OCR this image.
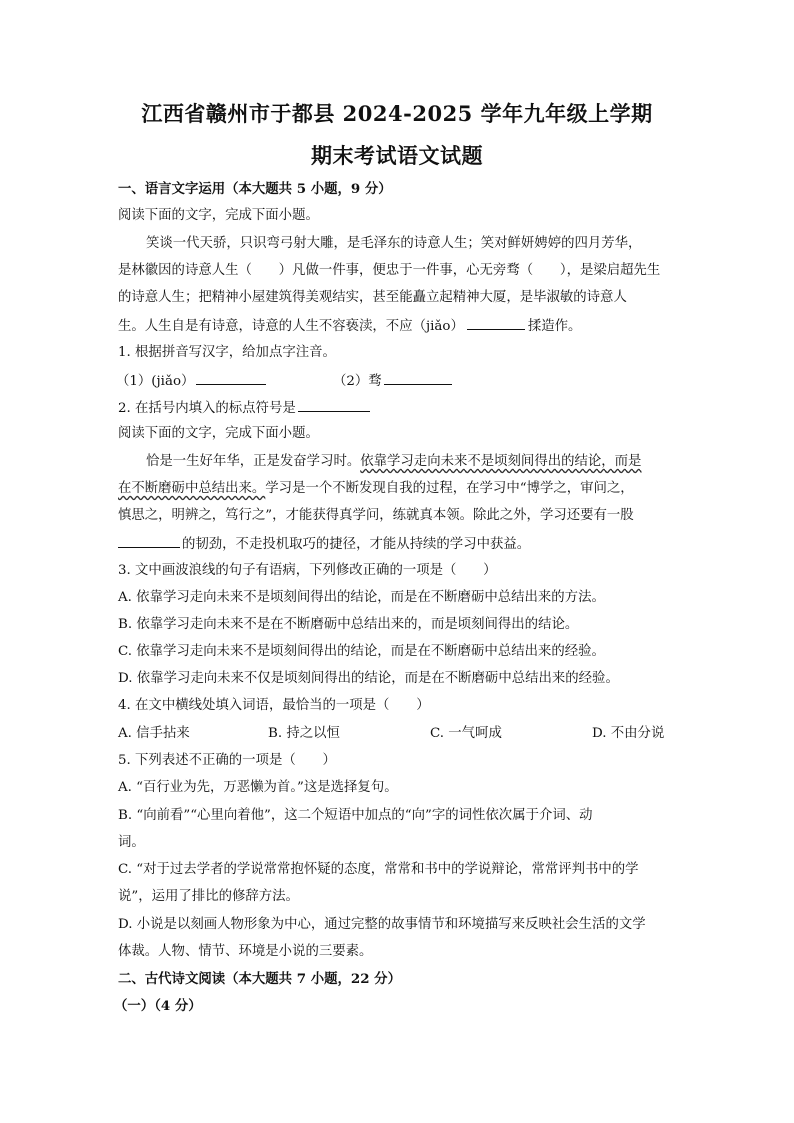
江西省赣州市于都县 2024-2025 学年九年级上学期
期末考试语文试题
一、语言文字运用（本大题共 5 小题，9 分）
阅读下面的文字，完成下面小题。
笑谈一代天骄，只识弯弓射大雕，是毛泽东的诗意人生；笑对鲜妍娉婷的四月芳华，
是林徽因的诗意人生（　　）凡做一件事，便忠于一件事，心无旁骛（　　），是梁启超先生
的诗意人生；把精神小屋建筑得美观结实，甚至能矗立起精神大厦，是毕淑敏的诗意人
生。人生自是有诗意，诗意的人生不容亵渎，不应（jiǎo）	揉造作。
1. 根据拼音写汉字，给加点字注音。
（1）(jiǎo）	（2）骛
2. 在括号内填入的标点符号是
阅读下面的文字，完成下面小题。
恰是一生好年华，正是发奋学习时。依靠学习走向未来不是顷刻间得出的结论，而是
在不断磨砺中总结出来。学习是一个不断发现自我的过程，在学习中“博学之，审问之，
慎思之，明辨之，笃行之”，才能获得真学问，练就真本领。除此之外，学习还要有一股
的韧劲，不走投机取巧的捷径，才能从持续的学习中获益。
3. 文中画波浪线的句子有语病，下列修改正确的一项是（　　）
A. 依靠学习走向未来不是顷刻间得出的结论，而是在不断磨砺中总结出来的方法。
B. 依靠学习走向未来不是在不断磨砺中总结出来的，而是顷刻间得出的结论。
C. 依靠学习走向未来不是顷刻间得出的结论，而是在不断磨砺中总结出来的经验。
D. 依靠学习走向未来不仅是顷刻间得出的结论，而是在不断磨砺中总结出来的经验。
4. 在文中横线处填入词语，最恰当的一项是（　　）
A. 信手拈来	B. 持之以恒	C. 一气呵成	D. 不由分说
5. 下列表述不正确的一项是（　　）
A. “百行业为先，万恶懒为首。”这是选择复句。
B. “向前看”“心里向着他”，这二个短语中加点的“向”字的词性依次属于介词、动
词。
C. “对于过去学者的学说常常抱怀疑的态度，常常和书中的学说辩论，常常评判书中的学
说”，运用了排比的修辞方法。
D. 小说是以刻画人物形象为中心，通过完整的故事情节和环境描写来反映社会生活的文学
体裁。人物、情节、环境是小说的三要素。
二、古代诗文阅读（本大题共 7 小题，22 分）
（一）（4 分）
